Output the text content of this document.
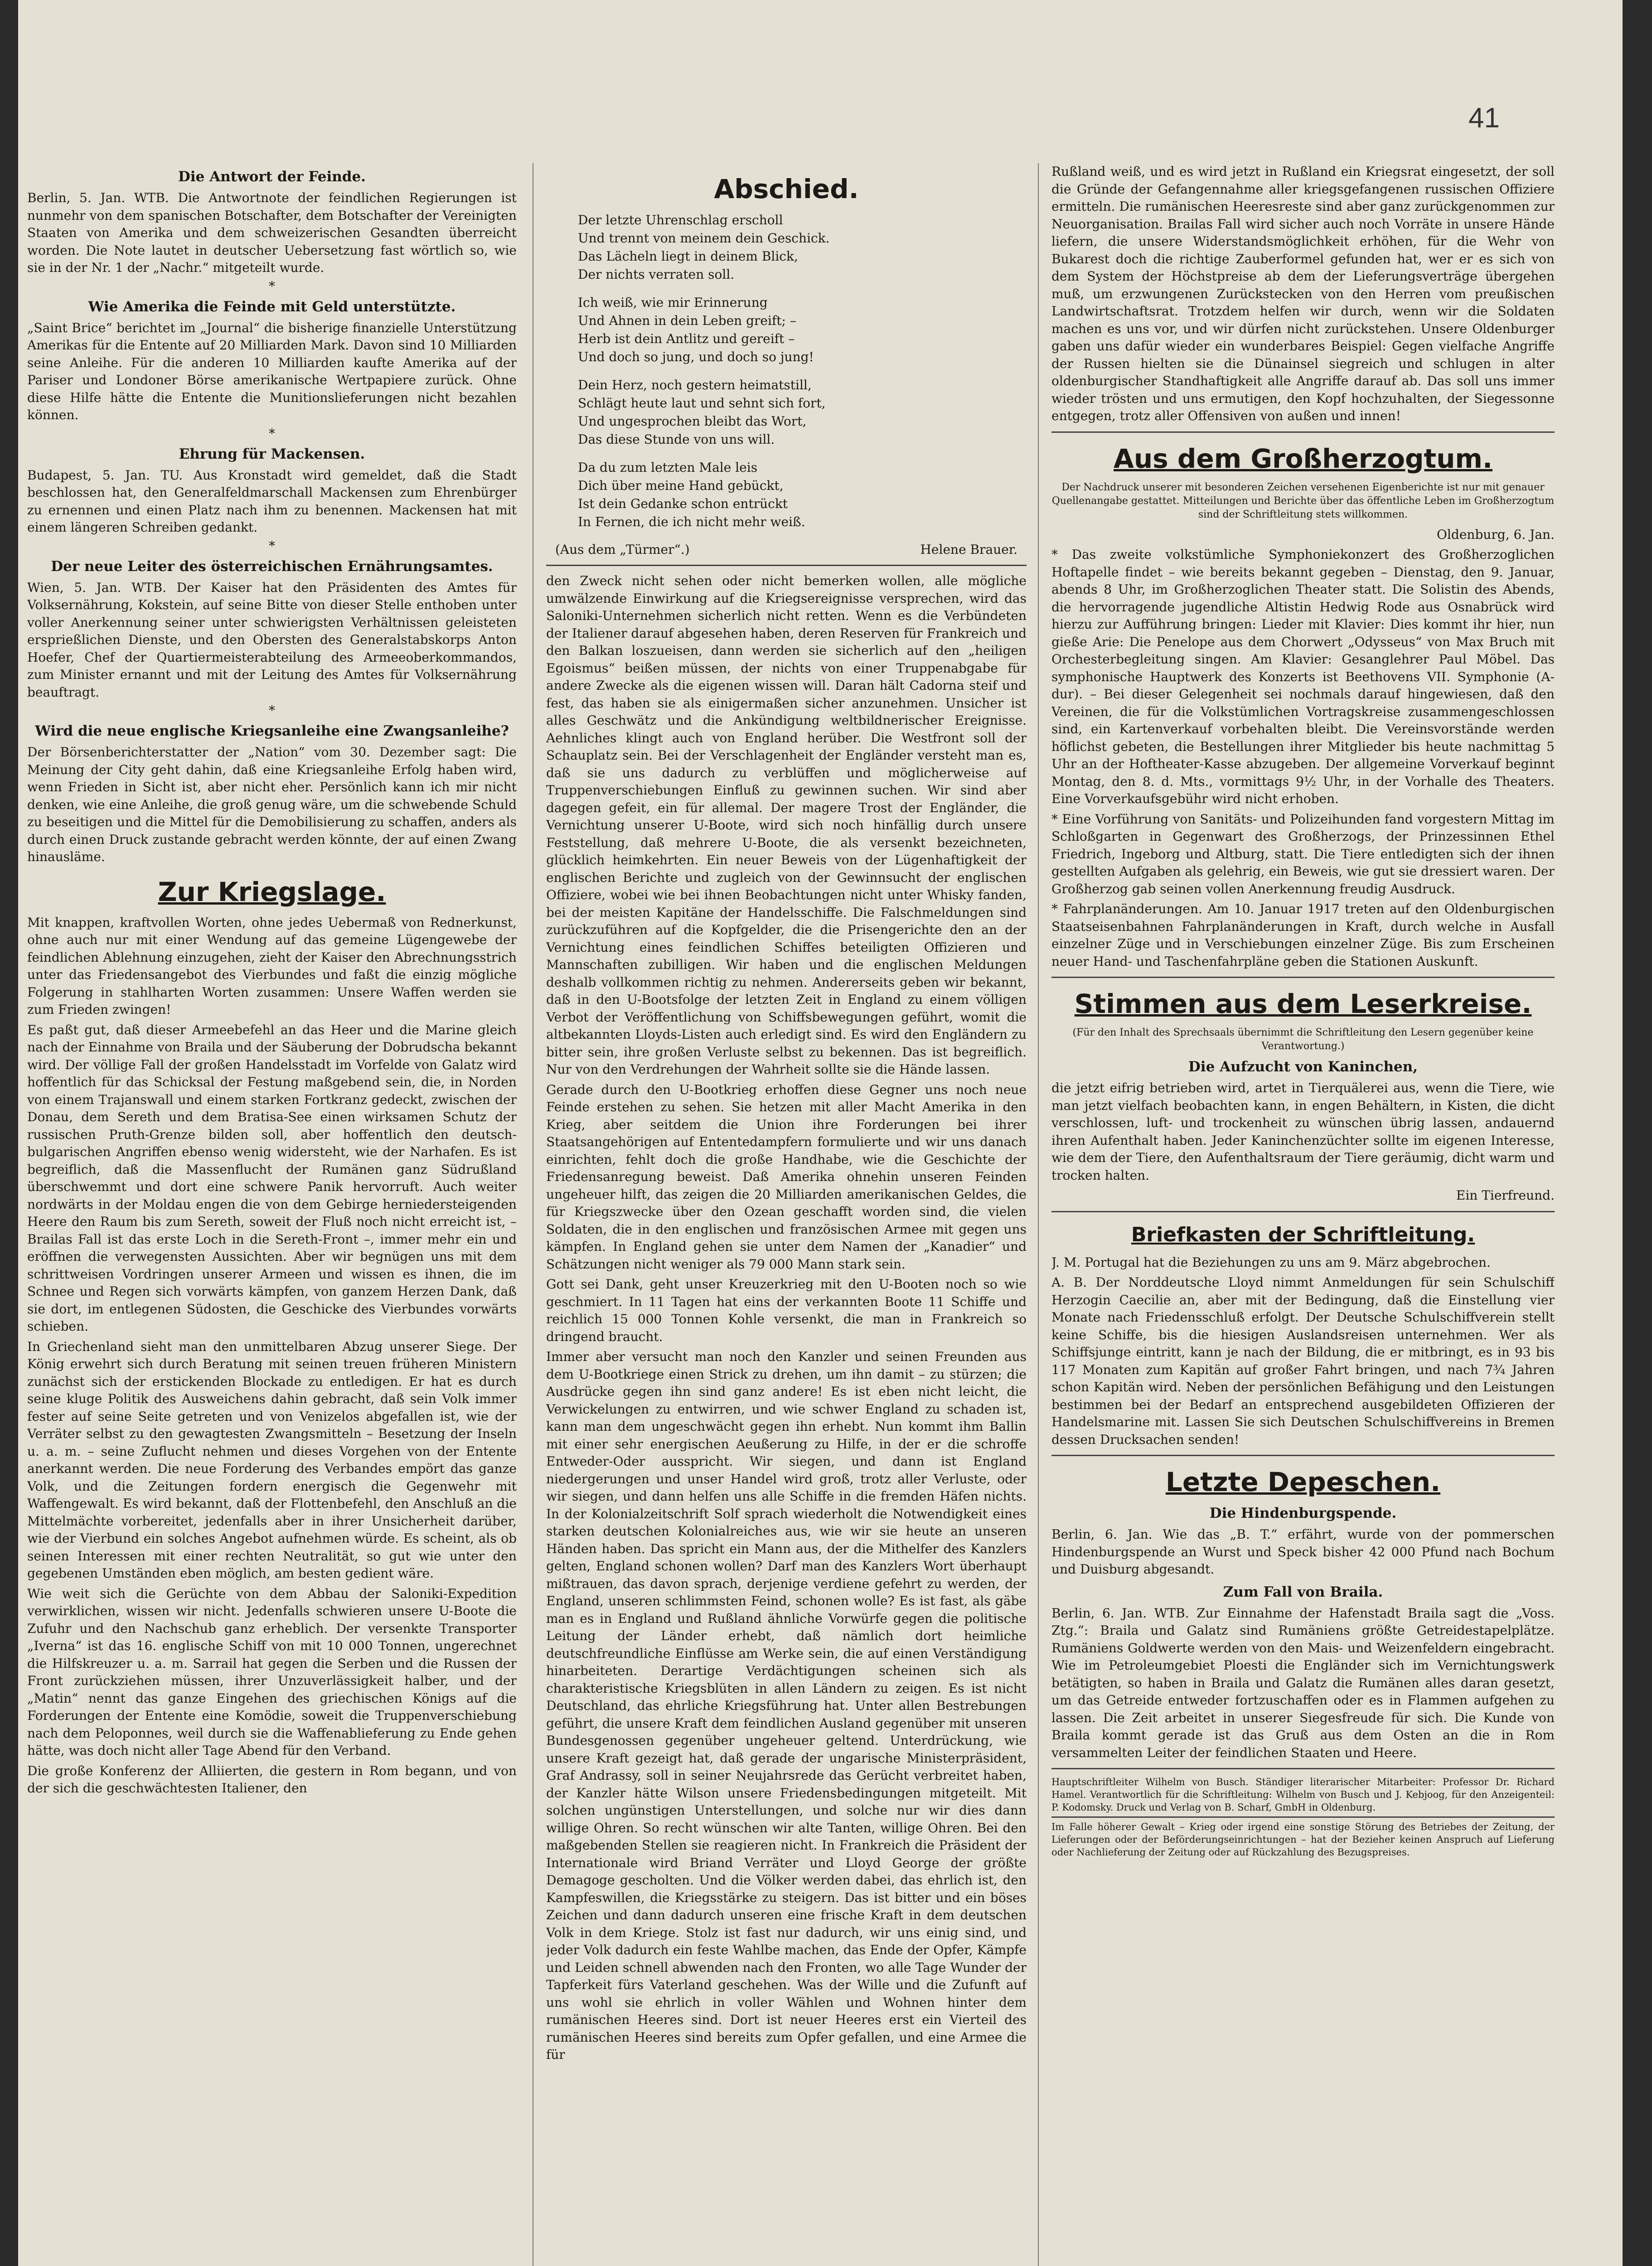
41
Die Antwort der Feinde.

Berlin, 5. Jan. WTB. Die Antwortnote der feindlichen Regierungen ist nunmehr von dem spanischen Botschafter, dem Botschafter der Vereinigten Staaten von Amerika und dem schweizerischen Gesandten überreicht worden. Die Note lautet in deutscher Uebersetzung fast wörtlich so, wie sie in der Nr. 1 der „Nachr.“ mitgeteilt wurde.

*
Wie Amerika die Feinde mit Geld unterstützte.

„Saint Brice“ berichtet im „Journal“ die bisherige finanzielle Unterstützung Amerikas für die Entente auf 20 Milliarden Mark. Davon sind 10 Milliarden seine Anleihe. Für die anderen 10 Milliarden kaufte Amerika auf der Pariser und Londoner Börse amerikanische Wertpapiere zurück. Ohne diese Hilfe hätte die Entente die Munitionslieferungen nicht bezahlen können.

*
Ehrung für Mackensen.

Budapest, 5. Jan. TU. Aus Kronstadt wird gemeldet, daß die Stadt beschlossen hat, den Generalfeldmarschall Mackensen zum Ehrenbürger zu ernennen und einen Platz nach ihm zu benennen. Mackensen hat mit einem längeren Schreiben gedankt.

*
Der neue Leiter des österreichischen Ernährungsamtes.

Wien, 5. Jan. WTB. Der Kaiser hat den Präsidenten des Amtes für Volksernährung, Kokstein, auf seine Bitte von dieser Stelle enthoben unter voller Anerkennung seiner unter schwierigsten Verhältnissen geleisteten ersprießlichen Dienste, und den Obersten des Generalstabskorps Anton Hoefer, Chef der Quartiermeisterabteilung des Armeeoberkommandos, zum Minister ernannt und mit der Leitung des Amtes für Volksernährung beauftragt.

*
Wird die neue englische Kriegsanleihe eine Zwangsanleihe?

Der Börsenberichterstatter der „Nation“ vom 30. Dezember sagt: Die Meinung der City geht dahin, daß eine Kriegsanleihe Erfolg haben wird, wenn Frieden in Sicht ist, aber nicht eher. Persönlich kann ich mir nicht denken, wie eine Anleihe, die groß genug wäre, um die schwebende Schuld zu beseitigen und die Mittel für die Demobilisierung zu schaffen, anders als durch einen Druck zustande gebracht werden könnte, der auf einen Zwang hinausläme.

Zur Kriegslage.

Mit knappen, kraftvollen Worten, ohne jedes Uebermaß von Rednerkunst, ohne auch nur mit einer Wendung auf das gemeine Lügengewebe der feindlichen Ablehnung einzugehen, zieht der Kaiser den Abrechnungsstrich unter das Friedensangebot des Vierbundes und faßt die einzig mögliche Folgerung in stahlharten Worten zusammen: Unsere Waffen werden sie zum Frieden zwingen!

Es paßt gut, daß dieser Armeebefehl an das Heer und die Marine gleich nach der Einnahme von Braila und der Säuberung der Dobrudscha bekannt wird. Der völlige Fall der großen Handelsstadt im Vorfelde von Galatz wird hoffentlich für das Schicksal der Festung maßgebend sein, die, in Norden von einem Trajanswall und einem starken Fortkranz gedeckt, zwischen der Donau, dem Sereth und dem Bratisa-See einen wirksamen Schutz der russischen Pruth-Grenze bilden soll, aber hoffentlich den deutsch-bulgarischen Angriffen ebenso wenig widersteht, wie der Narhafen. Es ist begreiflich, daß die Massenflucht der Rumänen ganz Südrußland überschwemmt und dort eine schwere Panik hervorruft. Auch weiter nordwärts in der Moldau engen die von dem Gebirge herniedersteigenden Heere den Raum bis zum Sereth, soweit der Fluß noch nicht erreicht ist, – Brailas Fall ist das erste Loch in die Sereth-Front –, immer mehr ein und eröffnen die verwegensten Aussichten. Aber wir begnügen uns mit dem schrittweisen Vordringen unserer Armeen und wissen es ihnen, die im Schnee und Regen sich vorwärts kämpfen, von ganzem Herzen Dank, daß sie dort, im entlegenen Südosten, die Geschicke des Vierbundes vorwärts schieben.

In Griechenland sieht man den unmittelbaren Abzug unserer Siege. Der König erwehrt sich durch Beratung mit seinen treuen früheren Ministern zunächst sich der erstickenden Blockade zu entledigen. Er hat es durch seine kluge Politik des Ausweichens dahin gebracht, daß sein Volk immer fester auf seine Seite getreten und von Venizelos abgefallen ist, wie der Verräter selbst zu den gewagtesten Zwangsmitteln – Besetzung der Inseln u. a. m. – seine Zuflucht nehmen und dieses Vorgehen von der Entente anerkannt werden. Die neue Forderung des Verbandes empört das ganze Volk, und die Zeitungen fordern energisch die Gegenwehr mit Waffengewalt. Es wird bekannt, daß der Flottenbefehl, den Anschluß an die Mittelmächte vorbereitet, jedenfalls aber in ihrer Unsicherheit darüber, wie der Vierbund ein solches Angebot aufnehmen würde. Es scheint, als ob seinen Interessen mit einer rechten Neutralität, so gut wie unter den gegebenen Umständen eben möglich, am besten gedient wäre.

Wie weit sich die Gerüchte von dem Abbau der Saloniki-Expedition verwirklichen, wissen wir nicht. Jedenfalls schwieren unsere U-Boote die Zufuhr und den Nachschub ganz erheblich. Der versenkte Transporter „Iverna“ ist das 16. englische Schiff von mit 10 000 Tonnen, ungerechnet die Hilfskreuzer u. a. m. Sarrail hat gegen die Serben und die Russen der Front zurückziehen müssen, ihrer Unzuverlässigkeit halber, und der „Matin“ nennt das ganze Eingehen des griechischen Königs auf die Forderungen der Entente eine Komödie, soweit die Truppenverschiebung nach dem Peloponnes, weil durch sie die Waffenablieferung zu Ende gehen hätte, was doch nicht aller Tage Abend für den Verband.

Die große Konferenz der Alliierten, die gestern in Rom begann, und von der sich die geschwächtesten Italiener, den

Abschied.

Der letzte Uhrenschlag erscholl

Und trennt von meinem dein Geschick.

Das Lächeln liegt in deinem Blick,

Der nichts verraten soll.

Ich weiß, wie mir Erinnerung

Und Ahnen in dein Leben greift; –

Herb ist dein Antlitz und gereift –

Und doch so jung, und doch so jung!

Dein Herz, noch gestern heimatstill,

Schlägt heute laut und sehnt sich fort,

Und ungesprochen bleibt das Wort,

Das diese Stunde von uns will.

Da du zum letzten Male leis

Dich über meine Hand gebückt,

Ist dein Gedanke schon entrückt

In Fernen, die ich nicht mehr weiß.

(Aus dem „Türmer“.)	Helene Brauer.

den Zweck nicht sehen oder nicht bemerken wollen, alle mögliche umwälzende Einwirkung auf die Kriegsereignisse versprechen, wird das Saloniki-Unternehmen sicherlich nicht retten. Wenn es die Verbündeten der Italiener darauf abgesehen haben, deren Reserven für Frankreich und den Balkan loszueisen, dann werden sie sicherlich auf den „heiligen Egoismus“ beißen müssen, der nichts von einer Truppenabgabe für andere Zwecke als die eigenen wissen will. Daran hält Cadorna steif und fest, das haben sie als einigermaßen sicher anzunehmen. Unsicher ist alles Geschwätz und die Ankündigung weltbildnerischer Ereignisse. Aehnliches klingt auch von England herüber. Die Westfront soll der Schauplatz sein. Bei der Verschlagenheit der Engländer versteht man es, daß sie uns dadurch zu verblüffen und möglicherweise auf Truppenverschiebungen Einfluß zu gewinnen suchen. Wir sind aber dagegen gefeit, ein für allemal. Der magere Trost der Engländer, die Vernichtung unserer U-Boote, wird sich noch hinfällig durch unsere Feststellung, daß mehrere U-Boote, die als versenkt bezeichneten, glücklich heimkehrten. Ein neuer Beweis von der Lügenhaftigkeit der englischen Berichte und zugleich von der Gewinnsucht der englischen Offiziere, wobei wie bei ihnen Beobachtungen nicht unter Whisky fanden, bei der meisten Kapitäne der Handelsschiffe. Die Falschmeldungen sind zurückzuführen auf die Kopfgelder, die die Prisengerichte den an der Vernichtung eines feindlichen Schiffes beteiligten Offizieren und Mannschaften zubilligen. Wir haben und die englischen Meldungen deshalb vollkommen richtig zu nehmen. Andererseits geben wir bekannt, daß in den U-Bootsfolge der letzten Zeit in England zu einem völligen Verbot der Veröffentlichung von Schiffsbewegungen geführt, womit die altbekannten Lloyds-Listen auch erledigt sind. Es wird den Engländern zu bitter sein, ihre großen Verluste selbst zu bekennen. Das ist begreiflich. Nur von den Verdrehungen der Wahrheit sollte sie die Hände lassen.

Gerade durch den U-Bootkrieg erhoffen diese Gegner uns noch neue Feinde erstehen zu sehen. Sie hetzen mit aller Macht Amerika in den Krieg, aber seitdem die Union ihre Forderungen bei ihrer Staatsangehörigen auf Ententedampfern formulierte und wir uns danach einrichten, fehlt doch die große Handhabe, wie die Geschichte der Friedensanregung beweist. Daß Amerika ohnehin unseren Feinden ungeheuer hilft, das zeigen die 20 Milliarden amerikanischen Geldes, die für Kriegszwecke über den Ozean geschafft worden sind, die vielen Soldaten, die in den englischen und französischen Armee mit gegen uns kämpfen. In England gehen sie unter dem Namen der „Kanadier“ und Schätzungen nicht weniger als 79 000 Mann stark sein.

Gott sei Dank, geht unser Kreuzerkrieg mit den U-Booten noch so wie geschmiert. In 11 Tagen hat eins der verkannten Boote 11 Schiffe und reichlich 15 000 Tonnen Kohle versenkt, die man in Frankreich so dringend braucht.

Immer aber versucht man noch den Kanzler und seinen Freunden aus dem U-Bootkriege einen Strick zu drehen, um ihn damit – zu stürzen; die Ausdrücke gegen ihn sind ganz andere! Es ist eben nicht leicht, die Verwickelungen zu entwirren, und wie schwer England zu schaden ist, kann man dem ungeschwächt gegen ihn erhebt. Nun kommt ihm Ballin mit einer sehr energischen Aeußerung zu Hilfe, in der er die schroffe Entweder-Oder ausspricht. Wir siegen, und dann ist England niedergerungen und unser Handel wird groß, trotz aller Verluste, oder wir siegen, und dann helfen uns alle Schiffe in die fremden Häfen nichts. In der Kolonialzeitschrift Solf sprach wiederholt die Notwendigkeit eines starken deutschen Kolonialreiches aus, wie wir sie heute an unseren Händen haben. Das spricht ein Mann aus, der die Mithelfer des Kanzlers gelten, England schonen wollen? Darf man des Kanzlers Wort überhaupt mißtrauen, das davon sprach, derjenige verdiene gefehrt zu werden, der England, unseren schlimmsten Feind, schonen wolle? Es ist fast, als gäbe man es in England und Rußland ähnliche Vorwürfe gegen die politische Leitung der Länder erhebt, daß nämlich dort heimliche deutschfreundliche Einflüsse am Werke sein, die auf einen Verständigung hinarbeiteten. Derartige Verdächtigungen scheinen sich als charakteristische Kriegsblüten in allen Ländern zu zeigen. Es ist nicht Deutschland, das ehrliche Kriegsführung hat. Unter allen Bestrebungen geführt, die unsere Kraft dem feindlichen Ausland gegenüber mit unseren Bundesgenossen gegenüber ungeheuer geltend. Unterdrückung, wie unsere Kraft gezeigt hat, daß gerade der ungarische Ministerpräsident, Graf Andrassy, soll in seiner Neujahrsrede das Gerücht verbreitet haben, der Kanzler hätte Wilson unsere Friedensbedingungen mitgeteilt. Mit solchen ungünstigen Unterstellungen, und solche nur wir dies dann willige Ohren. So recht wünschen wir alte Tanten, willige Ohren. Bei den maßgebenden Stellen sie reagieren nicht. In Frankreich die Präsident der Internationale wird Briand Verräter und Lloyd George der größte Demagoge gescholten. Und die Völker werden dabei, das ehrlich ist, den Kampfeswillen, die Kriegsstärke zu steigern. Das ist bitter und ein böses Zeichen und dann dadurch unseren eine frische Kraft in dem deutschen Volk in dem Kriege. Stolz ist fast nur dadurch, wir uns einig sind, und jeder Volk dadurch ein feste Wahlbe machen, das Ende der Opfer, Kämpfe und Leiden schnell abwenden nach den Fronten, wo alle Tage Wunder der Tapferkeit fürs Vaterland geschehen. Was der Wille und die Zufunft auf uns wohl sie ehrlich in voller Wählen und Wohnen hinter dem rumänischen Heeres sind. Dort ist neuer Heeres erst ein Vierteil des rumänischen Heeres sind bereits zum Opfer gefallen, und eine Armee die für

Rußland weiß, und es wird jetzt in Rußland ein Kriegsrat eingesetzt, der soll die Gründe der Gefangennahme aller kriegsgefangenen russischen Offiziere ermitteln. Die rumänischen Heeresreste sind aber ganz zurückgenommen zur Neuorganisation. Brailas Fall wird sicher auch noch Vorräte in unsere Hände liefern, die unsere Widerstandsmöglichkeit erhöhen, für die Wehr von Bukarest doch die richtige Zauberformel gefunden hat, wer er es sich von dem System der Höchstpreise ab dem der Lieferungsverträge übergehen muß, um erzwungenen Zurückstecken von den Herren vom preußischen Landwirtschaftsrat. Trotzdem helfen wir durch, wenn wir die Soldaten machen es uns vor, und wir dürfen nicht zurückstehen. Unsere Oldenburger gaben uns dafür wieder ein wunderbares Beispiel: Gegen vielfache Angriffe der Russen hielten sie die Dünainsel siegreich und schlugen in alter oldenburgischer Standhaftigkeit alle Angriffe darauf ab. Das soll uns immer wieder trösten und uns ermutigen, den Kopf hochzuhalten, der Siegessonne entgegen, trotz aller Offensiven von außen und innen!

Aus dem Großherzogtum.
Der Nachdruck unserer mit besonderen Zeichen versehenen Eigenberichte ist nur mit genauer Quellenangabe gestattet. Mitteilungen und Berichte über das öffentliche Leben im Großherzogtum sind der Schriftleitung stets willkommen.

Oldenburg, 6. Jan.

* Das zweite volkstümliche Symphoniekonzert des Großherzoglichen Hoftapelle findet – wie bereits bekannt gegeben – Dienstag, den 9. Januar, abends 8 Uhr, im Großherzoglichen Theater statt. Die Solistin des Abends, die hervorragende jugendliche Altistin Hedwig Rode aus Osnabrück wird hierzu zur Aufführung bringen: Lieder mit Klavier: Dies kommt ihr hier, nun gieße Arie: Die Penelope aus dem Chorwert „Odysseus“ von Max Bruch mit Orchesterbegleitung singen. Am Klavier: Gesanglehrer Paul Möbel. Das symphonische Hauptwerk des Konzerts ist Beethovens VII. Symphonie (A-dur). – Bei dieser Gelegenheit sei nochmals darauf hingewiesen, daß den Vereinen, die für die Volkstümlichen Vortragskreise zusammengeschlossen sind, ein Kartenverkauf vorbehalten bleibt. Die Vereinsvorstände werden höflichst gebeten, die Bestellungen ihrer Mitglieder bis heute nachmittag 5 Uhr an der Hoftheater-Kasse abzugeben. Der allgemeine Vorverkauf beginnt Montag, den 8. d. Mts., vormittags 9½ Uhr, in der Vorhalle des Theaters. Eine Vorverkaufsgebühr wird nicht erhoben.

* Eine Vorführung von Sanitäts- und Polizeihunden fand vorgestern Mittag im Schloßgarten in Gegenwart des Großherzogs, der Prinzessinnen Ethel Friedrich, Ingeborg und Altburg, statt. Die Tiere entledigten sich der ihnen gestellten Aufgaben als gelehrig, ein Beweis, wie gut sie dressiert waren. Der Großherzog gab seinen vollen Anerkennung freudig Ausdruck.

* Fahrplanänderungen. Am 10. Januar 1917 treten auf den Oldenburgischen Staatseisenbahnen Fahrplanänderungen in Kraft, durch welche in Ausfall einzelner Züge und in Verschiebungen einzelner Züge. Bis zum Erscheinen neuer Hand- und Taschenfahrpläne geben die Stationen Auskunft.

Stimmen aus dem Leserkreise.
(Für den Inhalt des Sprechsaals übernimmt die Schriftleitung den Lesern gegenüber keine Verantwortung.)
Die Aufzucht von Kaninchen,

die jetzt eifrig betrieben wird, artet in Tierquälerei aus, wenn die Tiere, wie man jetzt vielfach beobachten kann, in engen Behältern, in Kisten, die dicht verschlossen, luft- und trockenheit zu wünschen übrig lassen, andauernd ihren Aufenthalt haben. Jeder Kaninchenzüchter sollte im eigenen Interesse, wie dem der Tiere, den Aufenthaltsraum der Tiere geräumig, dicht warm und trocken halten.

Ein Tierfreund.

Briefkasten der Schriftleitung.

J. M. Portugal hat die Beziehungen zu uns am 9. März abgebrochen.

A. B. Der Norddeutsche Lloyd nimmt Anmeldungen für sein Schulschiff Herzogin Caecilie an, aber mit der Bedingung, daß die Einstellung vier Monate nach Friedensschluß erfolgt. Der Deutsche Schulschiffverein stellt keine Schiffe, bis die hiesigen Auslandsreisen unternehmen. Wer als Schiffsjunge eintritt, kann je nach der Bildung, die er mitbringt, es in 93 bis 117 Monaten zum Kapitän auf großer Fahrt bringen, und nach 7¾ Jahren schon Kapitän wird. Neben der persönlichen Befähigung und den Leistungen bestimmen bei der Bedarf an entsprechend ausgebildeten Offizieren der Handelsmarine mit. Lassen Sie sich Deutschen Schulschiffvereins in Bremen dessen Drucksachen senden!

Letzte Depeschen.
Die Hindenburgspende.

Berlin, 6. Jan. Wie das „B. T.“ erfährt, wurde von der pommerschen Hindenburgspende an Wurst und Speck bisher 42 000 Pfund nach Bochum und Duisburg abgesandt.

Zum Fall von Braila.

Berlin, 6. Jan. WTB. Zur Einnahme der Hafenstadt Braila sagt die „Voss. Ztg.“: Braila und Galatz sind Rumäniens größte Getreidestapelplätze. Rumäniens Goldwerte werden von den Mais- und Weizenfeldern eingebracht. Wie im Petroleumgebiet Ploesti die Engländer sich im Vernichtungswerk betätigten, so haben in Braila und Galatz die Rumänen alles daran gesetzt, um das Getreide entweder fortzuschaffen oder es in Flammen aufgehen zu lassen. Die Zeit arbeitet in unserer Siegesfreude für sich. Die Kunde von Braila kommt gerade ist das Gruß aus dem Osten an die in Rom versammelten Leiter der feindlichen Staaten und Heere.

Hauptschriftleiter Wilhelm von Busch. Ständiger literarischer Mitarbeiter: Professor Dr. Richard Hamel. Verantwortlich für die Schriftleitung: Wilhelm von Busch und J. Kebjoog, für den Anzeigenteil: P. Kodomsky. Druck und Verlag von B. Scharf, GmbH in Oldenburg.

Im Falle höherer Gewalt – Krieg oder irgend eine sonstige Störung des Betriebes der Zeitung, der Lieferungen oder der Beförderungseinrichtungen – hat der Bezieher keinen Anspruch auf Lieferung oder Nachlieferung der Zeitung oder auf Rückzahlung des Bezugspreises.
